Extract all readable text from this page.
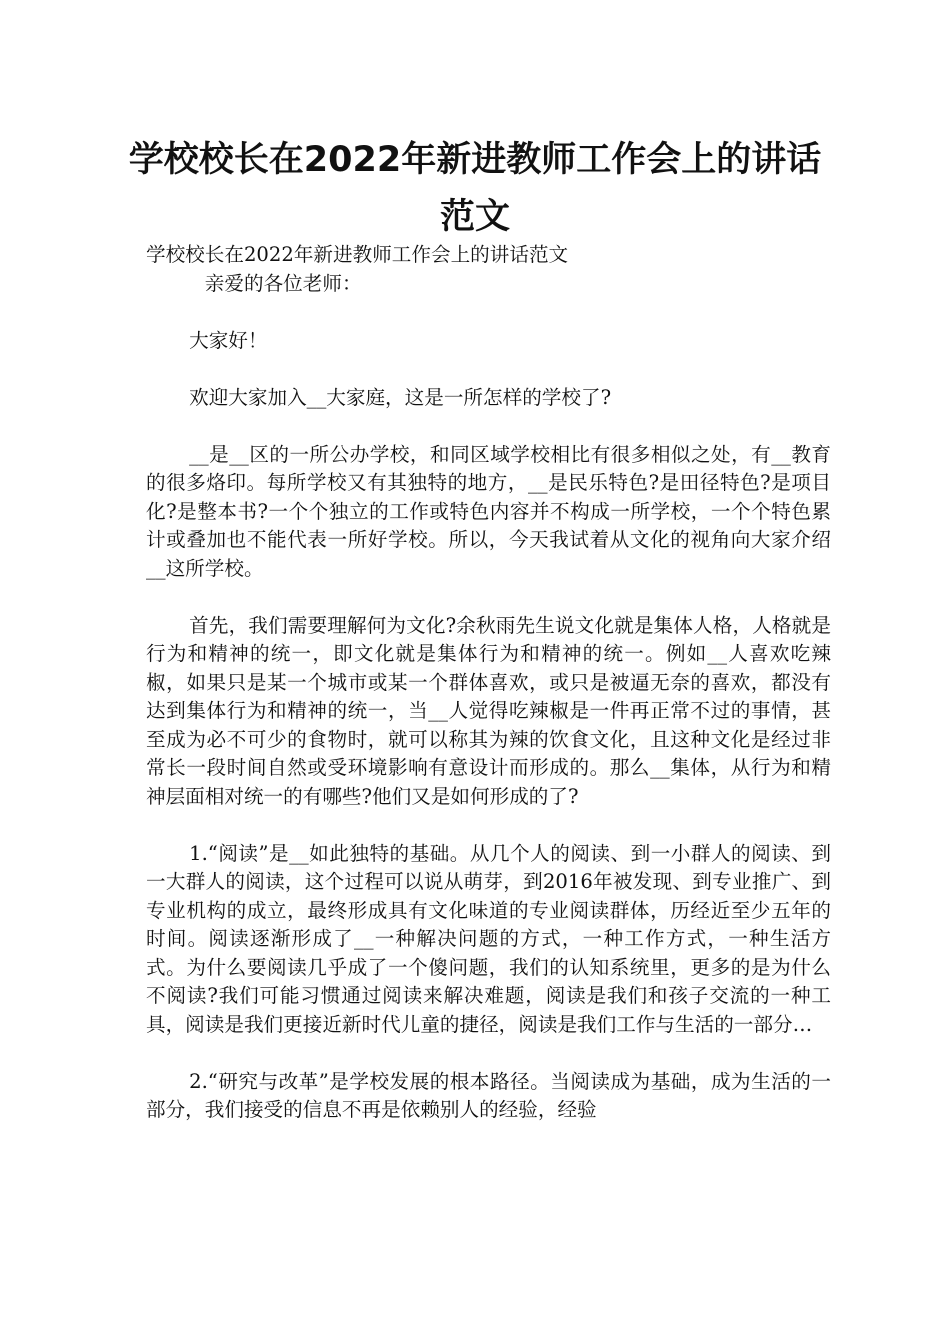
学校校长在2022年新进教师工作会上的讲话范文

学校校长在2022年新进教师工作会上的讲话范文

亲爱的各位老师：

大家好！

欢迎大家加入__大家庭，这是一所怎样的学校了?

__是__区的一所公办学校，和同区域学校相比有很多相似之处，有__教育的很多烙印。每所学校又有其独特的地方，__是民乐特色?是田径特色?是项目化?是整本书?一个个独立的工作或特色内容并不构成一所学校，一个个特色累计或叠加也不能代表一所好学校。所以，今天我试着从文化的视角向大家介绍__这所学校。

首先，我们需要理解何为文化?余秋雨先生说文化就是集体人格，人格就是行为和精神的统一，即文化就是集体行为和精神的统一。例如__人喜欢吃辣椒，如果只是某一个城市或某一个群体喜欢，或只是被逼无奈的喜欢，都没有达到集体行为和精神的统一，当__人觉得吃辣椒是一件再正常不过的事情，甚至成为必不可少的食物时，就可以称其为辣的饮食文化，且这种文化是经过非常长一段时间自然或受环境影响有意设计而形成的。那么__集体，从行为和精神层面相对统一的有哪些?他们又是如何形成的了?

1.“阅读”是__如此独特的基础。从几个人的阅读、到一小群人的阅读、到一大群人的阅读，这个过程可以说从萌芽，到2016年被发现、到专业推广、到专业机构的成立，最终形成具有文化味道的专业阅读群体，历经近至少五年的时间。阅读逐渐形成了__一种解决问题的方式，一种工作方式，一种生活方式。为什么要阅读几乎成了一个傻问题，我们的认知系统里，更多的是为什么不阅读?我们可能习惯通过阅读来解决难题，阅读是我们和孩子交流的一种工具，阅读是我们更接近新时代儿童的捷径，阅读是我们工作与生活的一部分…

2.“研究与改革”是学校发展的根本路径。当阅读成为基础，成为生活的一部分，我们接受的信息不再是依赖别人的经验，经验
